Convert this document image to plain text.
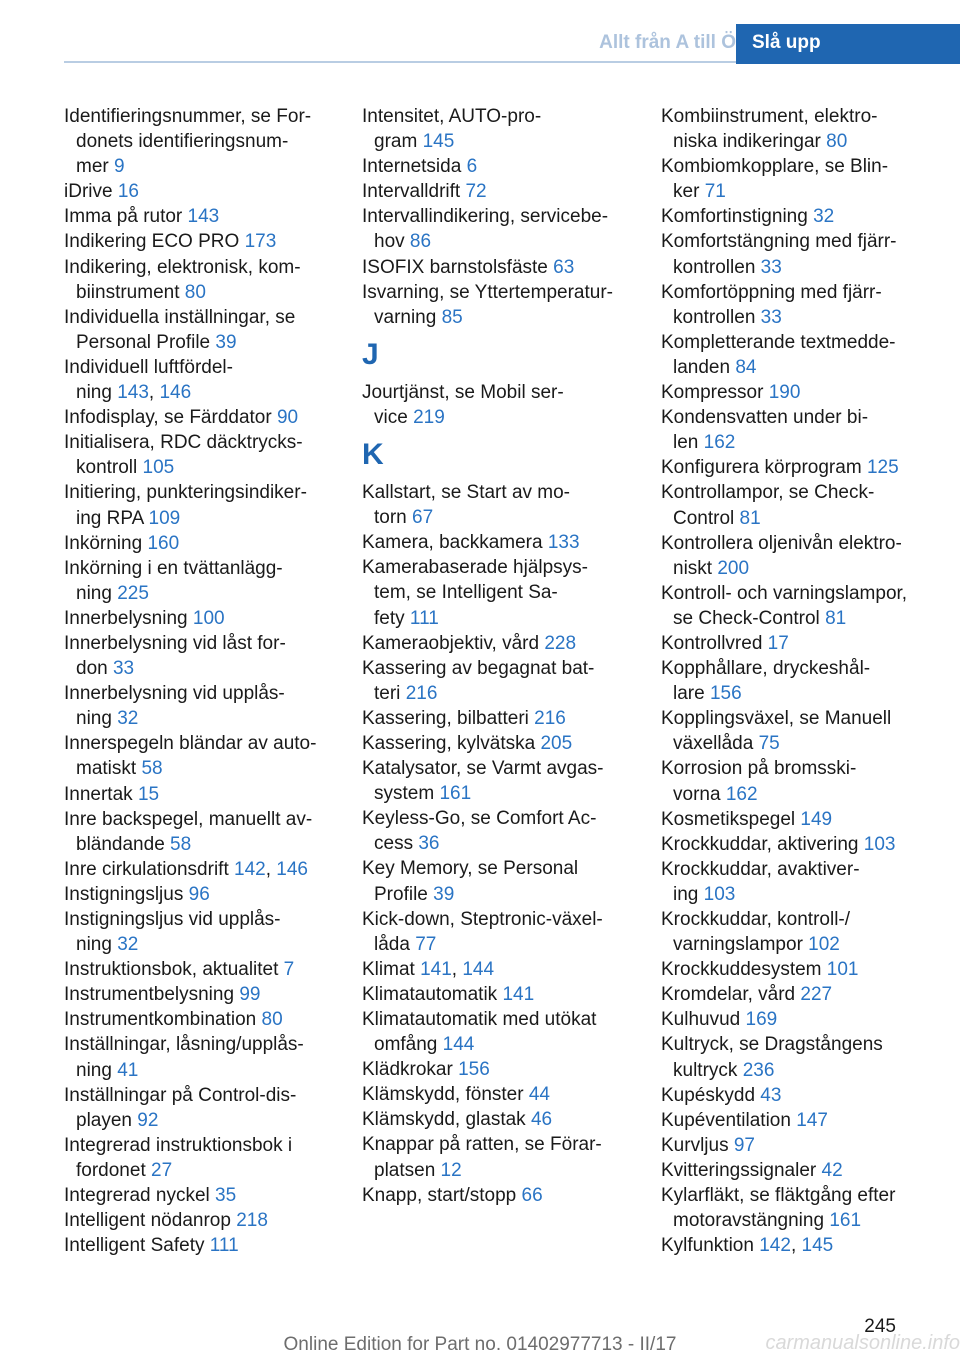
Allt från A till Ö Slå upp
Identifieringsnummer, se For-
donets identifieringsnum-
mer 9
iDrive 16
Imma på rutor 143
Indikering ECO PRO 173
Indikering, elektronisk, kom-
biinstrument 80
Individuella inställningar, se
Personal Profile 39
Individuell luftfördel-
ning 143, 146
Infodisplay, se Färddator 90
Initialisera, RDC däcktrycks-
kontroll 105
Initiering, punkteringsindiker-
ing RPA 109
Inkörning 160
Inkörning i en tvättanlägg-
ning 225
Innerbelysning 100
Innerbelysning vid låst for-
don 33
Innerbelysning vid upplås-
ning 32
Innerspegeln bländar av auto-
matiskt 58
Innertak 15
Inre backspegel, manuellt av-
bländande 58
Inre cirkulationsdrift 142, 146
Instigningsljus 96
Instigningsljus vid upplås-
ning 32
Instruktionsbok, aktualitet 7
Instrumentbelysning 99
Instrumentkombination 80
Inställningar, låsning/upplås-
ning 41
Inställningar på Control-dis-
playen 92
Integrerad instruktionsbok i
fordonet 27
Integrerad nyckel 35
Intelligent nödanrop 218
Intelligent Safety 111
Intensitet, AUTO-pro-
gram 145
Internetsida 6
Intervalldrift 72
Intervallindikering, servicebe-
hov 86
ISOFIX barnstolsfäste 63
Isvarning, se Yttertemperatur-
varning 85
J
Jourtjänst, se Mobil ser-
vice 219
K
Kallstart, se Start av mo-
torn 67
Kamera, backkamera 133
Kamerabaserade hjälpsys-
tem, se Intelligent Sa-
fety 111
Kameraobjektiv, vård 228
Kassering av begagnat bat-
teri 216
Kassering, bilbatteri 216
Kassering, kylvätska 205
Katalysator, se Varmt avgas-
system 161
Keyless-Go, se Comfort Ac-
cess 36
Key Memory, se Personal
Profile 39
Kick-down, Steptronic-växel-
låda 77
Klimat 141, 144
Klimatautomatik 141
Klimatautomatik med utökat
omfång 144
Klädkrokar 156
Klämskydd, fönster 44
Klämskydd, glastak 46
Knappar på ratten, se Förar-
platsen 12
Knapp, start/stopp 66
Kombiinstrument, elektro-
niska indikeringar 80
Kombiomkopplare, se Blin-
ker 71
Komfortinstigning 32
Komfortstängning med fjärr-
kontrollen 33
Komfortöppning med fjärr-
kontrollen 33
Kompletterande textmedde-
landen 84
Kompressor 190
Kondensvatten under bi-
len 162
Konfigurera körprogram 125
Kontrollampor, se Check-
Control 81
Kontrollera oljenivån elektro-
niskt 200
Kontroll- och varningslampor,
se Check-Control 81
Kontrollvred 17
Kopphållare, dryckeshål-
lare 156
Kopplingsväxel, se Manuell
växellåda 75
Korrosion på bromsski-
vorna 162
Kosmetikspegel 149
Krockkuddar, aktivering 103
Krockkuddar, avaktiver-
ing 103
Krockkuddar, kontroll-/
varningslampor 102
Krockkuddesystem 101
Kromdelar, vård 227
Kulhuvud 169
Kultryck, se Dragstångens
kultryck 236
Kupéskydd 43
Kupéventilation 147
Kurvljus 97
Kvitteringssignaler 42
Kylarfläkt, se fläktgång efter
motoravstängning 161
Kylfunktion 142, 145
245
Online Edition for Part no. 01402977713 - II/17	carmanualsonline.info
